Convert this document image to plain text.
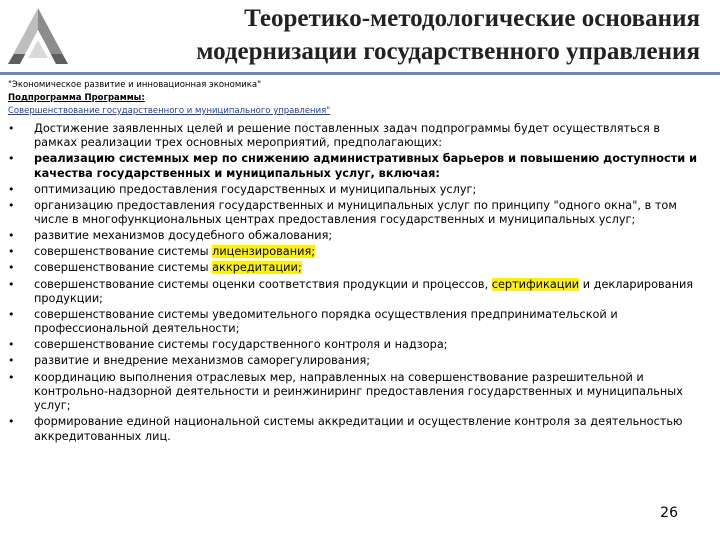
Теоретико-методологические основания
модернизации государственного управления
"Экономическое развитие и инновационная экономика"
Подпрограмма Программы:
Совершенствование государственного и муниципального управления"
• Достижение заявленных целей и решение поставленных задач подпрограммы будет осуществляться в рамках реализации трех основных мероприятий, предполагающих:
• реализацию системных мер по снижению административных барьеров и повышению доступности и качества государственных и муниципальных услуг, включая:
• оптимизацию предоставления государственных и муниципальных услуг;
• организацию предоставления государственных и муниципальных услуг по принципу "одного окна", в том числе в многофункциональных центрах предоставления государственных и муниципальных услуг;
• развитие механизмов досудебного обжалования;
• совершенствование системы лицензирования;
• совершенствование системы аккредитации;
• совершенствование системы оценки соответствия продукции и процессов, сертификации и декларирования продукции;
• совершенствование системы уведомительного порядка осуществления предпринимательской и профессиональной деятельности;
• совершенствование системы государственного контроля и надзора;
• развитие и внедрение механизмов саморегулирования;
• координацию выполнения отраслевых мер, направленных на совершенствование разрешительной и контрольно-надзорной деятельности и реинжиниринг предоставления государственных и муниципальных услуг;
• формирование единой национальной системы аккредитации и осуществление контроля за деятельностью аккредитованных лиц.
26
